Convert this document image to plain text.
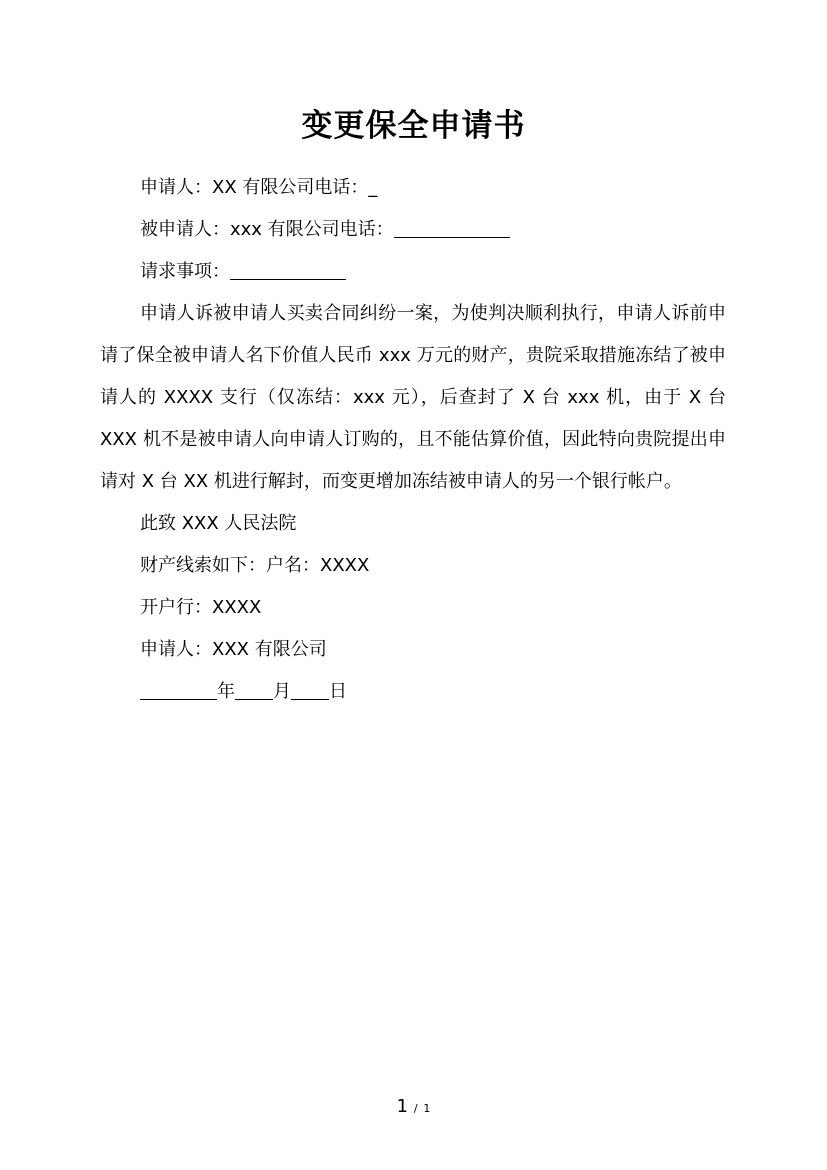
变更保全申请书

申请人：XX 有限公司电话：_

被申请人：xxx 有限公司电话：

请求事项：

申请人诉被申请人买卖合同纠纷一案，为使判决顺利执行，申请人诉前申请了保全被申请人名下价值人民币 xxx 万元的财产，贵院采取措施冻结了被申请人的 XXXX 支行（仅冻结：xxx 元），后查封了 X 台 xxx 机，由于 X 台 XXX 机不是被申请人向申请人订购的，且不能估算价值，因此特向贵院提出申请对 X 台 XX 机进行解封，而变更增加冻结被申请人的另一个银行帐户。

此致 XXX 人民法院

财产线索如下：户名：XXXX

开户行：XXXX

申请人：XXX 有限公司

年 月 日

1 / 1
